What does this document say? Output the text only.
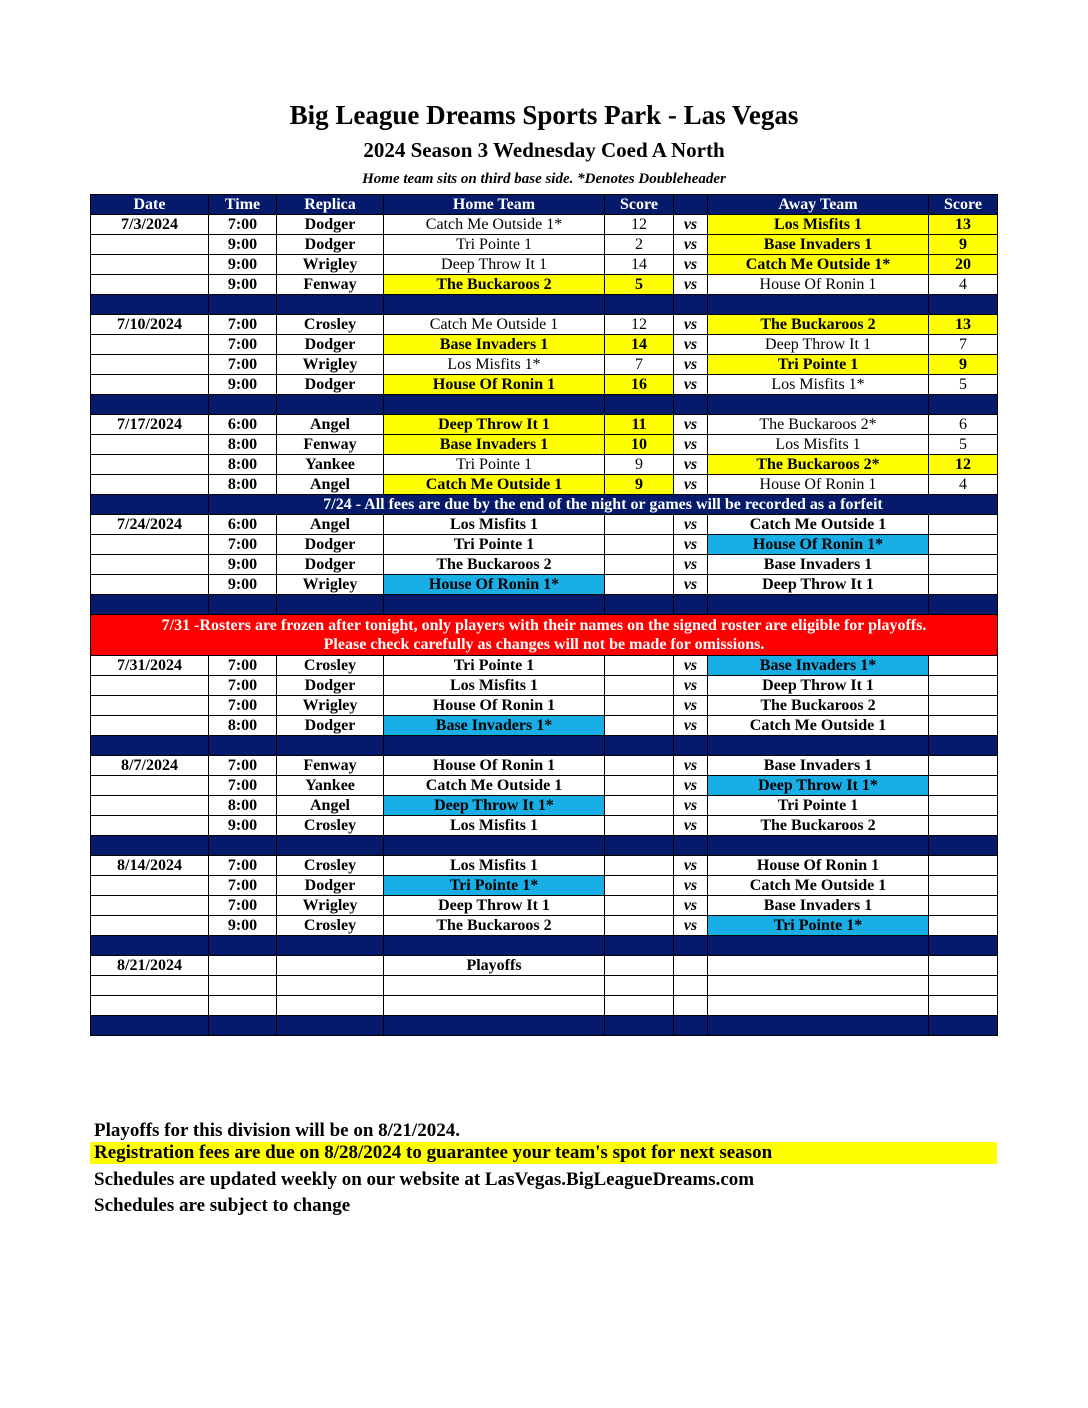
Big League Dreams Sports Park - Las Vegas
2024 Season 3 Wednesday Coed A North
Home team sits on third base side. *Denotes Doubleheader
Date	Time	Replica	Home Team	Score		Away Team	Score
7/3/2024	7:00	Dodger	Catch Me Outside 1*	12	vs	Los Misfits 1	13
	9:00	Dodger	Tri Pointe 1	2	vs	Base Invaders 1	9
	9:00	Wrigley	Deep Throw It 1	14	vs	Catch Me Outside 1*	20
	9:00	Fenway	The Buckaroos 2	5	vs	House Of Ronin 1	4

7/10/2024	7:00	Crosley	Catch Me Outside 1	12	vs	The Buckaroos 2	13
	7:00	Dodger	Base Invaders 1	14	vs	Deep Throw It 1	7
	7:00	Wrigley	Los Misfits 1*	7	vs	Tri Pointe 1	9
	9:00	Dodger	House Of Ronin 1	16	vs	Los Misfits 1*	5

7/17/2024	6:00	Angel	Deep Throw It 1	11	vs	The Buckaroos 2*	6
	8:00	Fenway	Base Invaders 1	10	vs	Los Misfits 1	5
	8:00	Yankee	Tri Pointe 1	9	vs	The Buckaroos 2*	12
	8:00	Angel	Catch Me Outside 1	9	vs	House Of Ronin 1	4
	7/24 - All fees are due by the end of the night or games will be recorded as a forfeit						
7/24/2024	6:00	Angel	Los Misfits 1		vs	Catch Me Outside 1	
	7:00	Dodger	Tri Pointe 1		vs	House Of Ronin 1*	
	9:00	Dodger	The Buckaroos 2		vs	Base Invaders 1	
	9:00	Wrigley	House Of Ronin 1*		vs	Deep Throw It 1	

7/31 -Rosters are frozen after tonight, only players with their names on the signed roster are eligible for playoffs.
Please check carefully as changes will not be made for omissions.							

7/31/2024	7:00	Crosley	Tri Pointe 1		vs	Base Invaders 1*	
	7:00	Dodger	Los Misfits 1		vs	Deep Throw It 1	
	7:00	Wrigley	House Of Ronin 1		vs	The Buckaroos 2	
	8:00	Dodger	Base Invaders 1*		vs	Catch Me Outside 1	

8/7/2024	7:00	Fenway	House Of Ronin 1		vs	Base Invaders 1	
	7:00	Yankee	Catch Me Outside 1		vs	Deep Throw It 1*	
	8:00	Angel	Deep Throw It 1*		vs	Tri Pointe 1	
	9:00	Crosley	Los Misfits 1		vs	The Buckaroos 2	

8/14/2024	7:00	Crosley	Los Misfits 1		vs	House Of Ronin 1	
	7:00	Dodger	Tri Pointe 1*		vs	Catch Me Outside 1	
	7:00	Wrigley	Deep Throw It 1		vs	Base Invaders 1	
	9:00	Crosley	The Buckaroos 2		vs	Tri Pointe 1*	

8/21/2024			Playoffs				

Playoffs for this division will be on 8/21/2024.
Registration fees are due on 8/28/2024 to guarantee your team's spot for next season
Schedules are updated weekly on our website at LasVegas.BigLeagueDreams.com
Schedules are subject to change
